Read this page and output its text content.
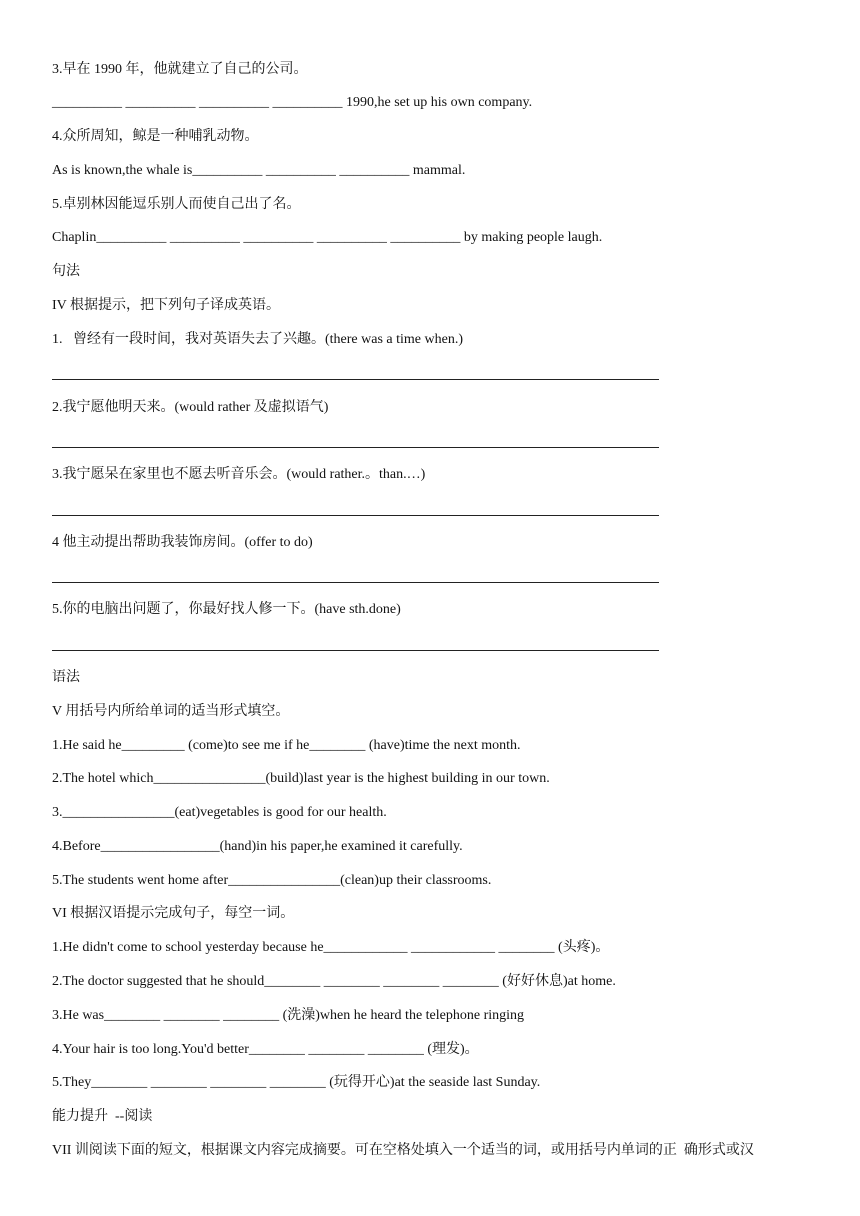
3.早在 1990 年，他就建立了自己的公司。
__________ __________ __________ __________ 1990,he set up his own company.
4.众所周知，鲸是一种哺乳动物。
As is known,the whale is__________ __________ __________ mammal.
5.卓别林因能逗乐别人而使自己出了名。
Chaplin__________ __________ __________ __________ __________ by making people laugh.
句法
IV 根据提示，把下列句子译成英语。
1.   曾经有一段时间，我对英语失去了兴趣。(there was a time when.)
2.我宁愿他明天来。(would rather 及虚拟语气)
3.我宁愿呆在家里也不愿去听音乐会。(would rather.。than.…)
4 他主动提出帮助我装饰房间。(offer to do)
5.你的电脑出问题了，你最好找人修一下。(have sth.done)
语法
V 用括号内所给单词的适当形式填空。
1.He said he_________ (come)to see me if he________ (have)time the next month.
2.The hotel which________________(build)last year is the highest building in our town.
3.________________(eat)vegetables is good for our health.
4.Before_________________(hand)in his paper,he examined it carefully.
5.The students went home after________________(clean)up their classrooms.
VI 根据汉语提示完成句子，每空一词。
1.He didn't come to school yesterday because he____________ ____________ ________ (头疼)。
2.The doctor suggested that he should________ ________ ________ ________ (好好休息)at home.
3.He was________ ________ ________ (洗澡)when he heard the telephone ringing
4.Your hair is too long.You'd better________ ________ ________ (理发)。
5.They________ ________ ________ ________ (玩得开心)at the seaside last Sunday.
能力提升  --阅读
VII 训阅读下面的短文，根据课文内容完成摘要。可在空格处填入一个适当的词，或用括号内单词的正  确形式或汉
